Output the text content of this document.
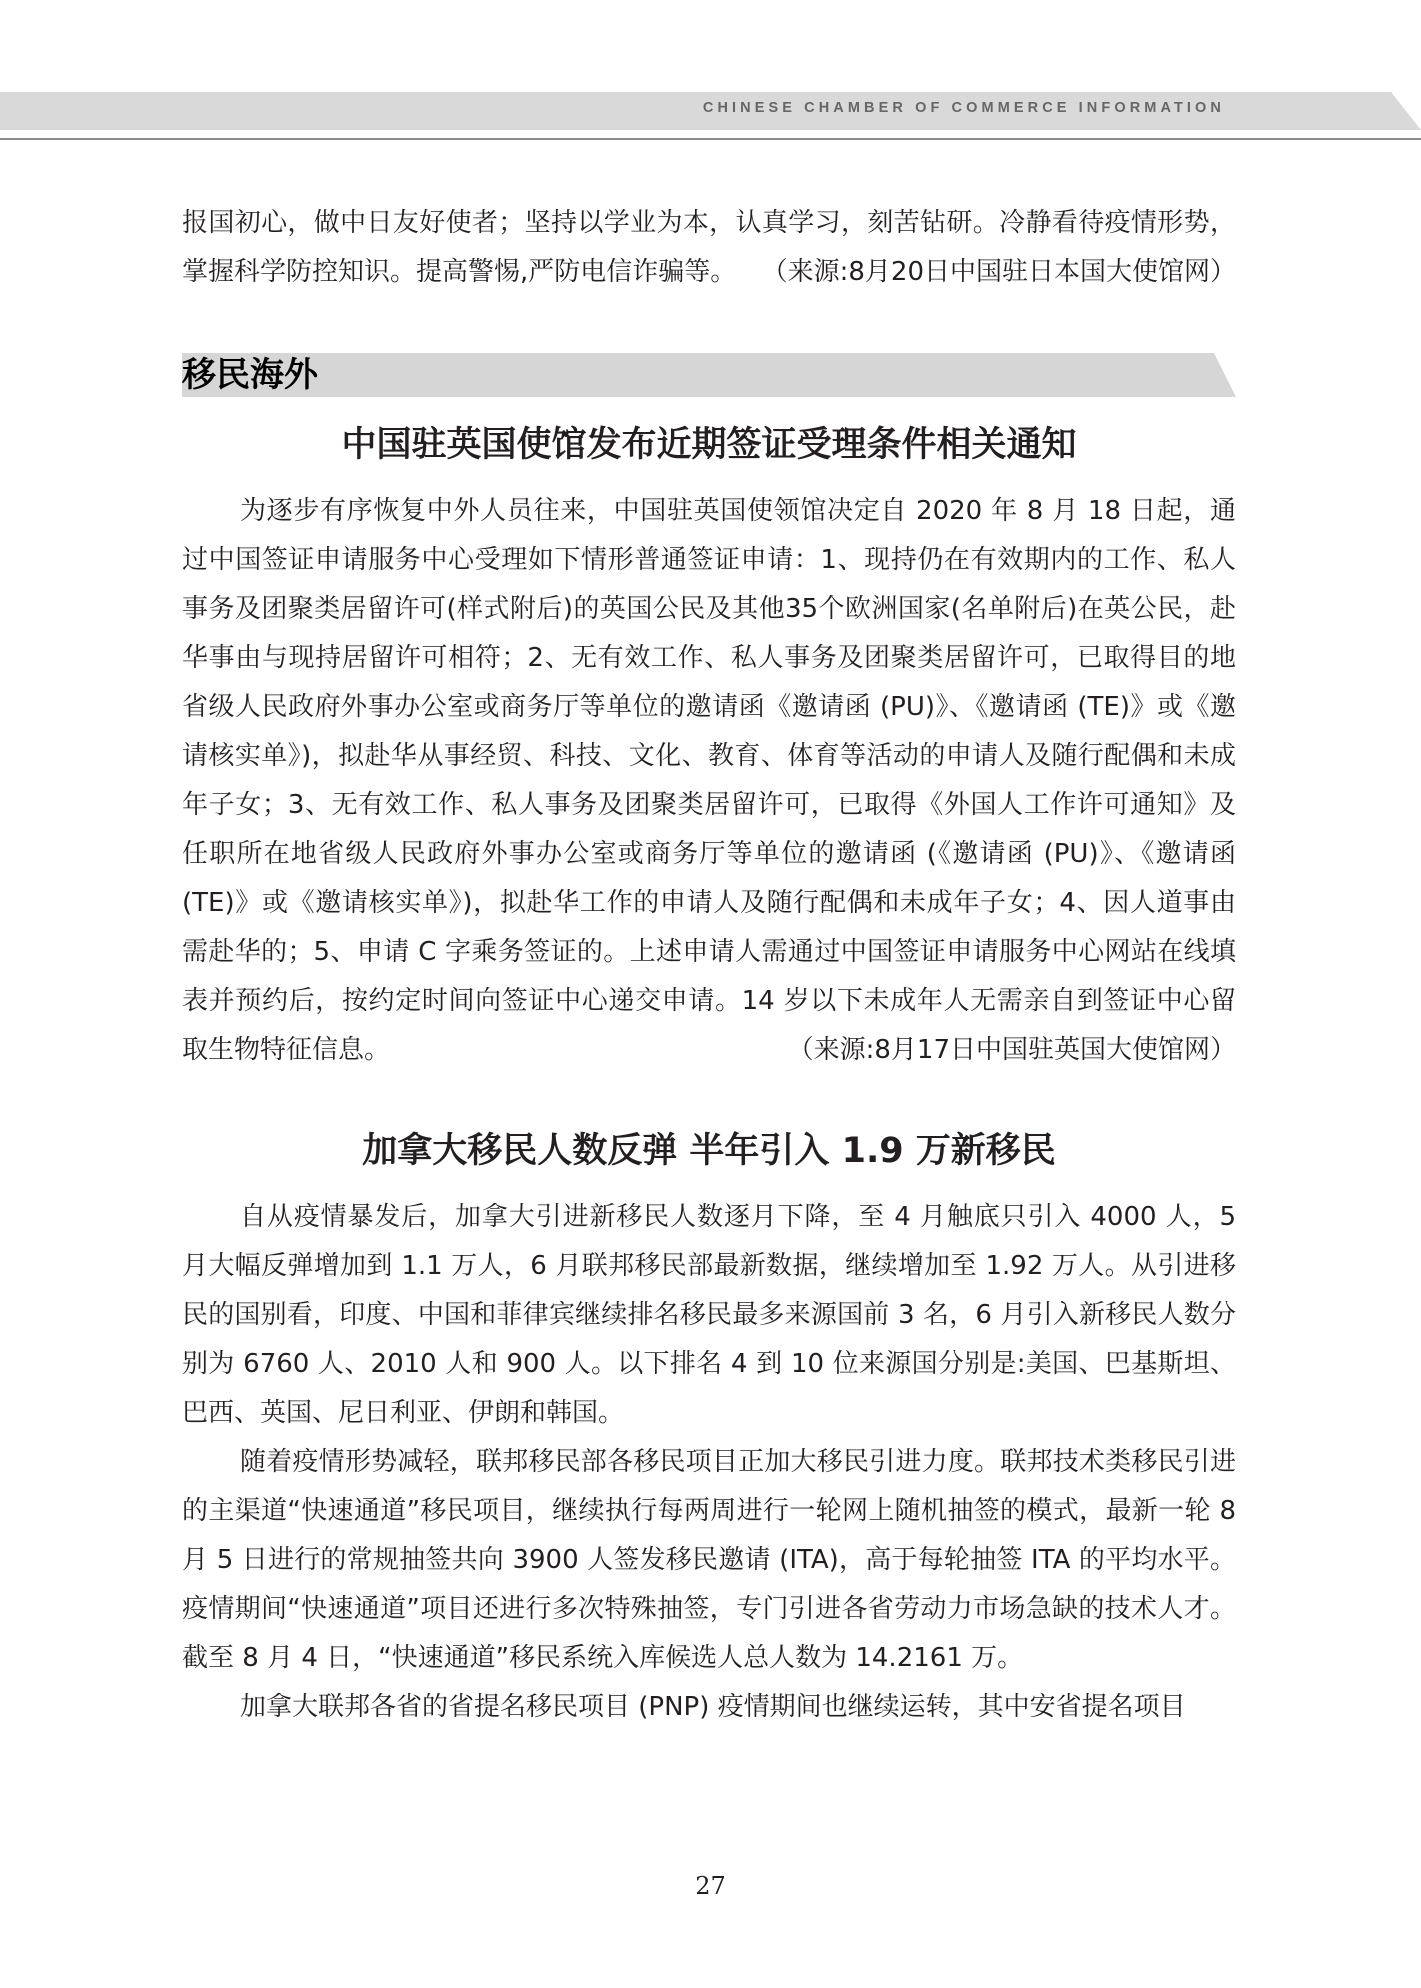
CHINESE CHAMBER OF COMMERCE INFORMATION

报国初心，做中日友好使者；坚持以学业为本，认真学习，刻苦钻研。冷静看待疫情形势，掌握科学防控知识。提高警惕,严防电信诈骗等。 （来源:8月20日中国驻日本国大使馆网）

移民海外
中国驻英国使馆发布近期签证受理条件相关通知

为逐步有序恢复中外人员往来，中国驻英国使领馆决定自 2020 年 8 月 18 日起，通过中国签证申请服务中心受理如下情形普通签证申请：1、现持仍在有效期内的工作、私人事务及团聚类居留许可(样式附后)的英国公民及其他35个欧洲国家(名单附后)在英公民，赴华事由与现持居留许可相符；2、无有效工作、私人事务及团聚类居留许可，已取得目的地省级人民政府外事办公室或商务厅等单位的邀请函《邀请函 (PU)》、《邀请函 (TE)》或《邀请核实单》)，拟赴华从事经贸、科技、文化、教育、体育等活动的申请人及随行配偶和未成年子女；3、无有效工作、私人事务及团聚类居留许可，已取得《外国人工作许可通知》及任职所在地省级人民政府外事办公室或商务厅等单位的邀请函 (《邀请函 (PU)》、《邀请函 (TE)》或《邀请核实单》)，拟赴华工作的申请人及随行配偶和未成年子女；4、因人道事由需赴华的；5、申请 C 字乘务签证的。上述申请人需通过中国签证申请服务中心网站在线填表并预约后，按约定时间向签证中心递交申请。14 岁以下未成年人无需亲自到签证中心留取生物特征信息。	（来源:8月17日中国驻英国大使馆网）

加拿大移民人数反弹 半年引入 1.9 万新移民

自从疫情暴发后，加拿大引进新移民人数逐月下降，至 4 月触底只引入 4000 人，5 月大幅反弹增加到 1.1 万人，6 月联邦移民部最新数据，继续增加至 1.92 万人。从引进移民的国别看，印度、中国和菲律宾继续排名移民最多来源国前 3 名，6 月引入新移民人数分别为 6760 人、2010 人和 900 人。以下排名 4 到 10 位来源国分别是:美国、巴基斯坦、巴西、英国、尼日利亚、伊朗和韩国。

随着疫情形势减轻，联邦移民部各移民项目正加大移民引进力度。联邦技术类移民引进的主渠道“快速通道”移民项目，继续执行每两周进行一轮网上随机抽签的模式，最新一轮 8 月 5 日进行的常规抽签共向 3900 人签发移民邀请 (ITA)，高于每轮抽签 ITA 的平均水平。疫情期间“快速通道”项目还进行多次特殊抽签，专门引进各省劳动力市场急缺的技术人才。截至 8 月 4 日，“快速通道”移民系统入库候选人总人数为 14.2161 万。

加拿大联邦各省的省提名移民项目 (PNP) 疫情期间也继续运转，其中安省提名项目

27
